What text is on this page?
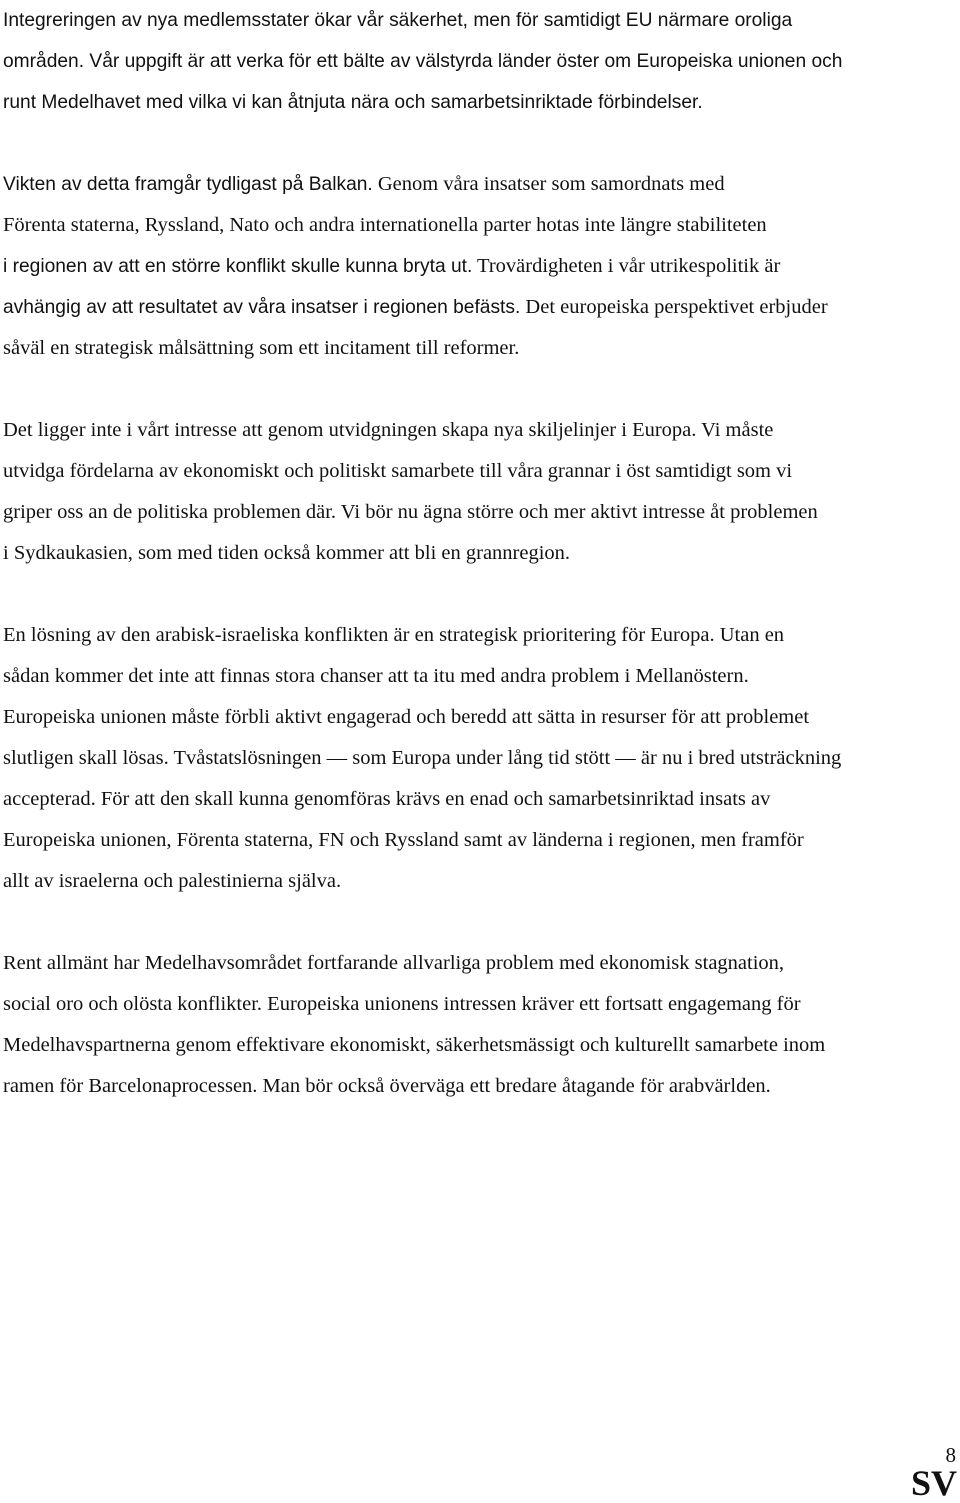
Integreringen av nya medlemsstater ökar vår säkerhet, men för samtidigt EU närmare oroliga
områden. Vår uppgift är att verka för ett bälte av välstyrda länder öster om Europeiska unionen och
runt Medelhavet med vilka vi kan åtnjuta nära och samarbetsinriktade förbindelser.
Vikten av detta framgår tydligast på Balkan. Genom våra insatser som samordnats med
Förenta staterna, Ryssland, Nato och andra internationella parter hotas inte längre stabiliteten
i regionen av att en större konflikt skulle kunna bryta ut. Trovärdigheten i vår utrikespolitik är
avhängig av att resultatet av våra insatser i regionen befästs. Det europeiska perspektivet erbjuder
såväl en strategisk målsättning som ett incitament till reformer.
Det ligger inte i vårt intresse att genom utvidgningen skapa nya skiljelinjer i Europa. Vi måste
utvidga fördelarna av ekonomiskt och politiskt samarbete till våra grannar i öst samtidigt som vi
griper oss an de politiska problemen där. Vi bör nu ägna större och mer aktivt intresse åt problemen
i Sydkaukasien, som med tiden också kommer att bli en grannregion.
En lösning av den arabisk-israeliska konflikten är en strategisk prioritering för Europa. Utan en
sådan kommer det inte att finnas stora chanser att ta itu med andra problem i Mellanöstern.
Europeiska unionen måste förbli aktivt engagerad och beredd att sätta in resurser för att problemet
slutligen skall lösas. Tvåstatslösningen — som Europa under lång tid stött — är nu i bred utsträckning
accepterad. För att den skall kunna genomföras krävs en enad och samarbetsinriktad insats av
Europeiska unionen, Förenta staterna, FN och Ryssland samt av länderna i regionen, men framför
allt av israelerna och palestinierna själva.
Rent allmänt har Medelhavsområdet fortfarande allvarliga problem med ekonomisk stagnation,
social oro och olösta konflikter. Europeiska unionens intressen kräver ett fortsatt engagemang för
Medelhavspartnerna genom effektivare ekonomiskt, säkerhetsmässigt och kulturellt samarbete inom
ramen för Barcelonaprocessen. Man bör också överväga ett bredare åtagande för arabvärlden.
8
SV
